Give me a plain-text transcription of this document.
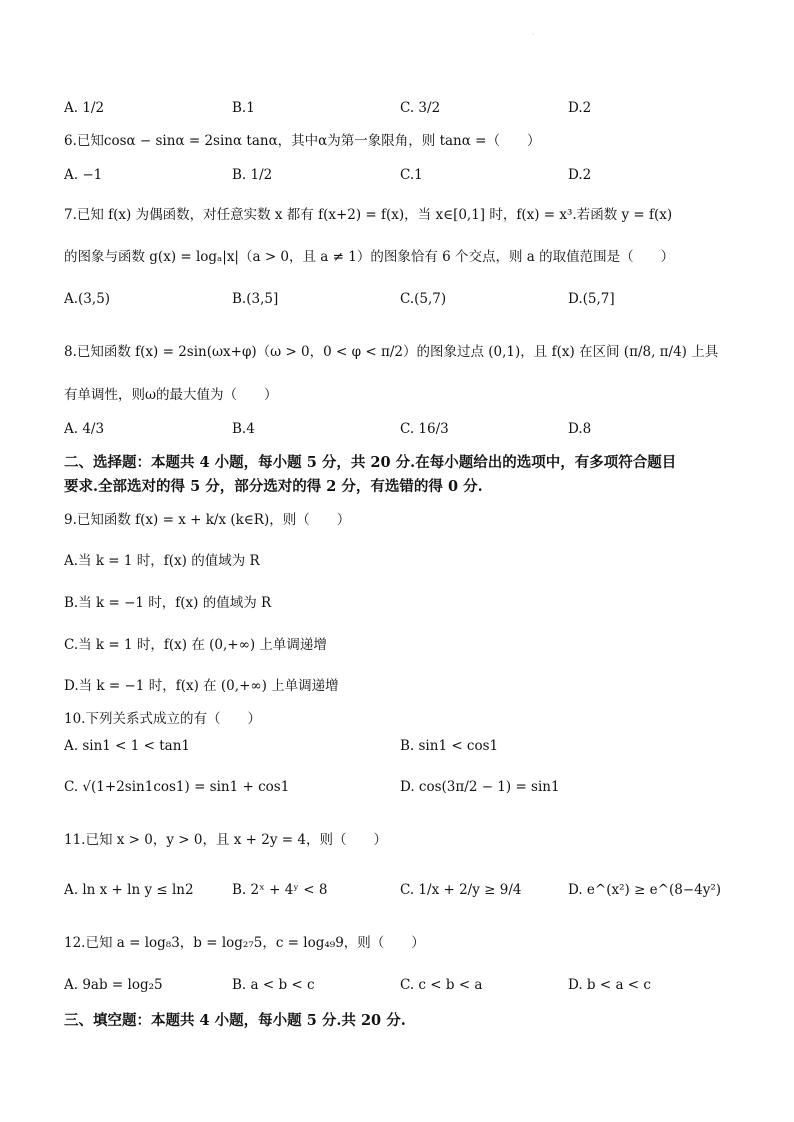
·
A. 1/2	B.1	C. 3/2	D.2
6.已知cosα − sinα = 2sinα tanα，其中α为第一象限角，则 tanα =（　　）
A. −1	B. 1/2	C.1	D.2
7.已知 f(x) 为偶函数，对任意实数 x 都有 f(x+2) = f(x)，当 x∈[0,1] 时，f(x) = x³.若函数 y = f(x)
的图象与函数 g(x) = logₐ|x|（a > 0，且 a ≠ 1）的图象恰有 6 个交点，则 a 的取值范围是（　　）
A.(3,5)	B.(3,5]	C.(5,7)	D.(5,7]
8.已知函数 f(x) = 2sin(ωx+φ)（ω > 0，0 < φ < π/2）的图象过点 (0,1)，且 f(x) 在区间 (π/8, π/4) 上具
有单调性，则ω的最大值为（　　）
A. 4/3	B.4	C. 16/3	D.8
二、选择题：本题共 4 小题，每小题 5 分，共 20 分.在每小题给出的选项中，有多项符合题目
要求.全部选对的得 5 分，部分选对的得 2 分，有选错的得 0 分.
9.已知函数 f(x) = x + k/x (k∈R)，则（　　）
A.当 k = 1 时，f(x) 的值域为 R
B.当 k = −1 时，f(x) 的值域为 R
C.当 k = 1 时，f(x) 在 (0,+∞) 上单调递增
D.当 k = −1 时，f(x) 在 (0,+∞) 上单调递增
10.下列关系式成立的有（　　）
A. sin1 < 1 < tan1	B. sin1 < cos1
C. √(1+2sin1cos1) = sin1 + cos1	D. cos(3π/2 − 1) = sin1
11.已知 x > 0，y > 0，且 x + 2y = 4，则（　　）
A. ln x + ln y ≤ ln2	B. 2ˣ + 4ʸ < 8	C. 1/x + 2/y ≥ 9/4	D. e^(x²) ≥ e^(8−4y²)
12.已知 a = log₈3，b = log₂₇5，c = log₄₉9，则（　　）
A. 9ab = log₂5	B. a < b < c	C. c < b < a	D. b < a < c
三、填空题：本题共 4 小题，每小题 5 分.共 20 分.
